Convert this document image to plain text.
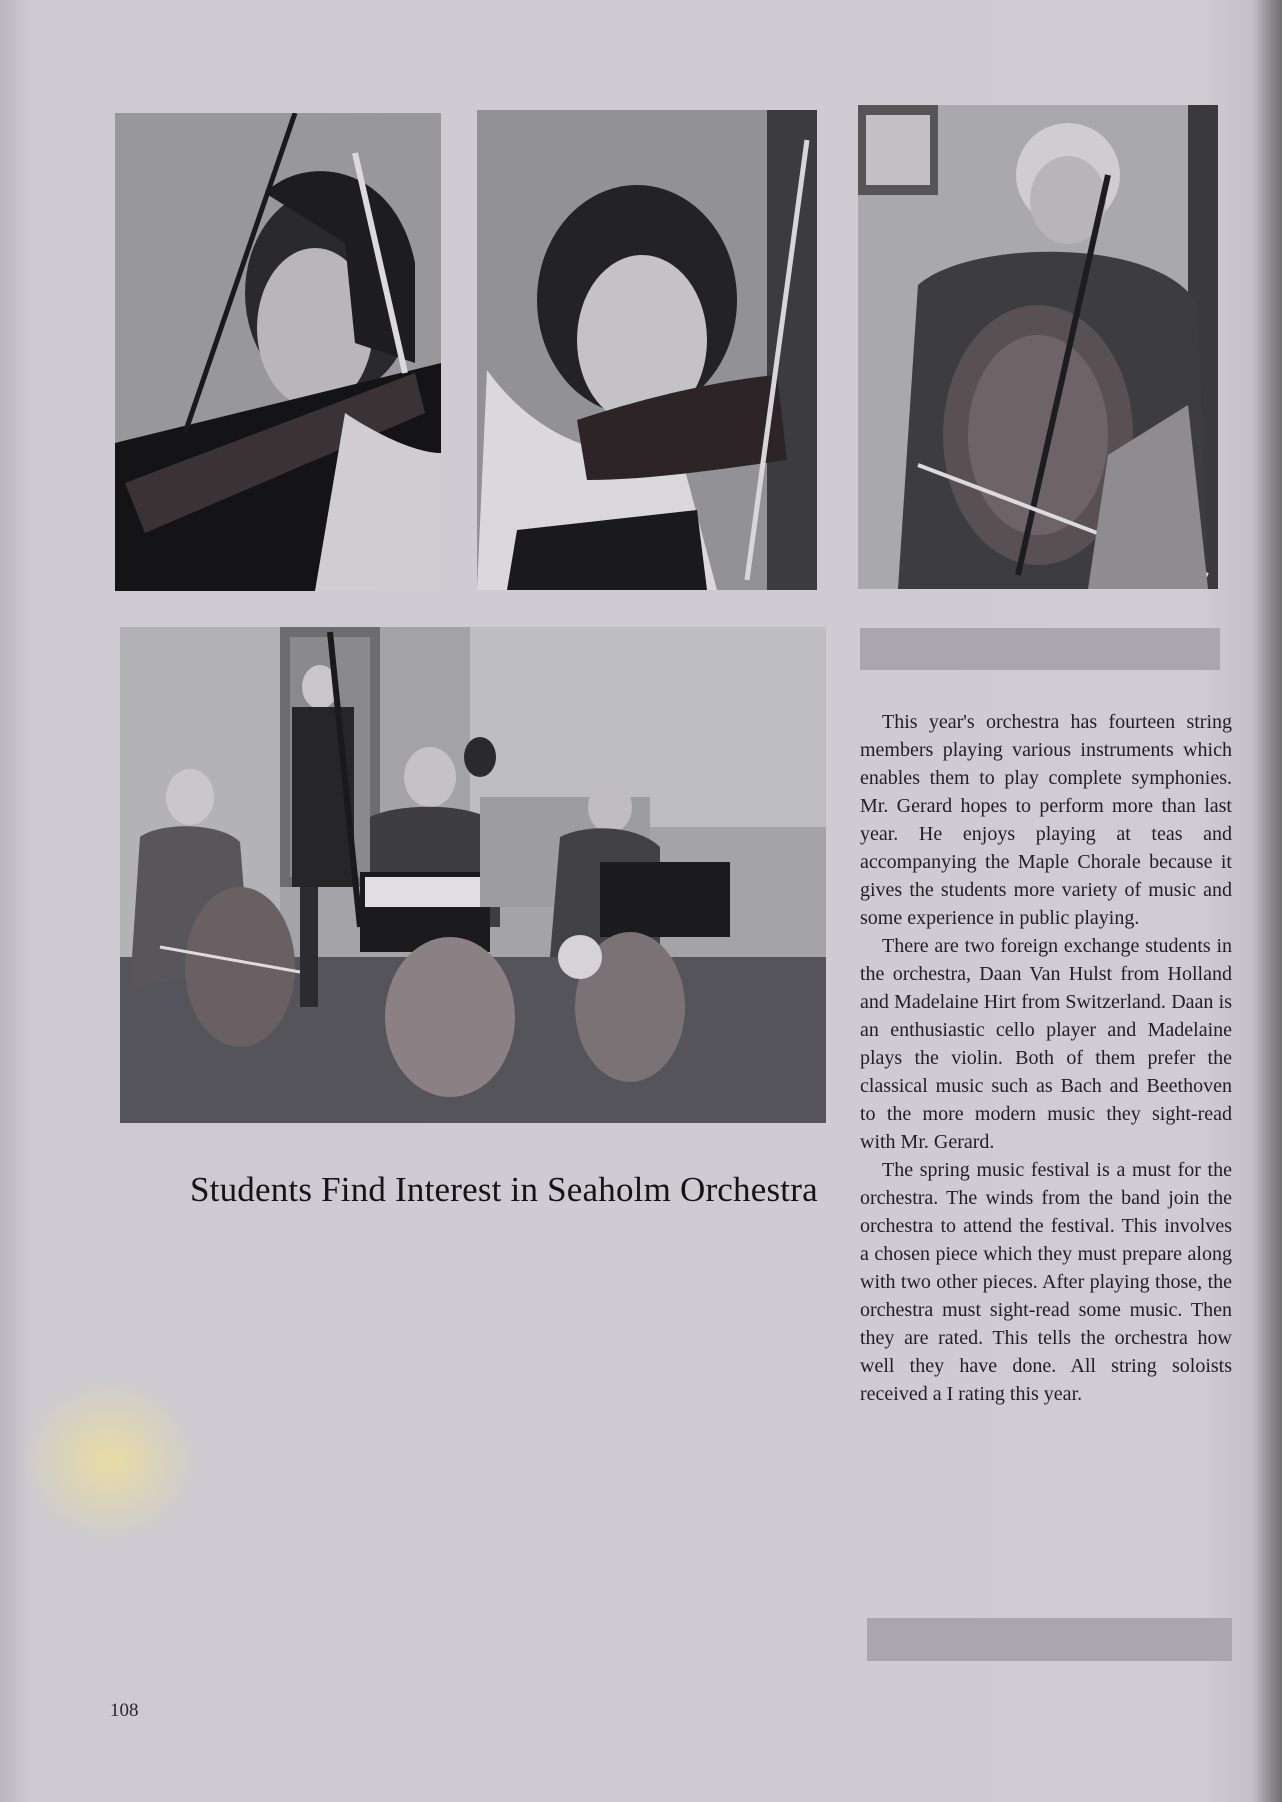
Students Find Interest in Seaholm Orchestra

This year's orchestra has fourteen string members playing various instruments which enables them to play complete symphonies. Mr. Gerard hopes to perform more than last year. He enjoys playing at teas and accompanying the Maple Chorale because it gives the students more variety of music and some experience in public playing.

There are two foreign exchange students in the orchestra, Daan Van Hulst from Holland and Madelaine Hirt from Switzerland. Daan is an enthusiastic cello player and Madelaine plays the violin. Both of them prefer the classical music such as Bach and Beethoven to the more modern music they sight-read with Mr. Gerard.

The spring music festival is a must for the orchestra. The winds from the band join the orchestra to attend the festival. This involves a chosen piece which they must prepare along with two other pieces. After playing those, the orchestra must sight-read some music. Then they are rated. This tells the orchestra how well they have done. All string soloists received a I rating this year.

108
